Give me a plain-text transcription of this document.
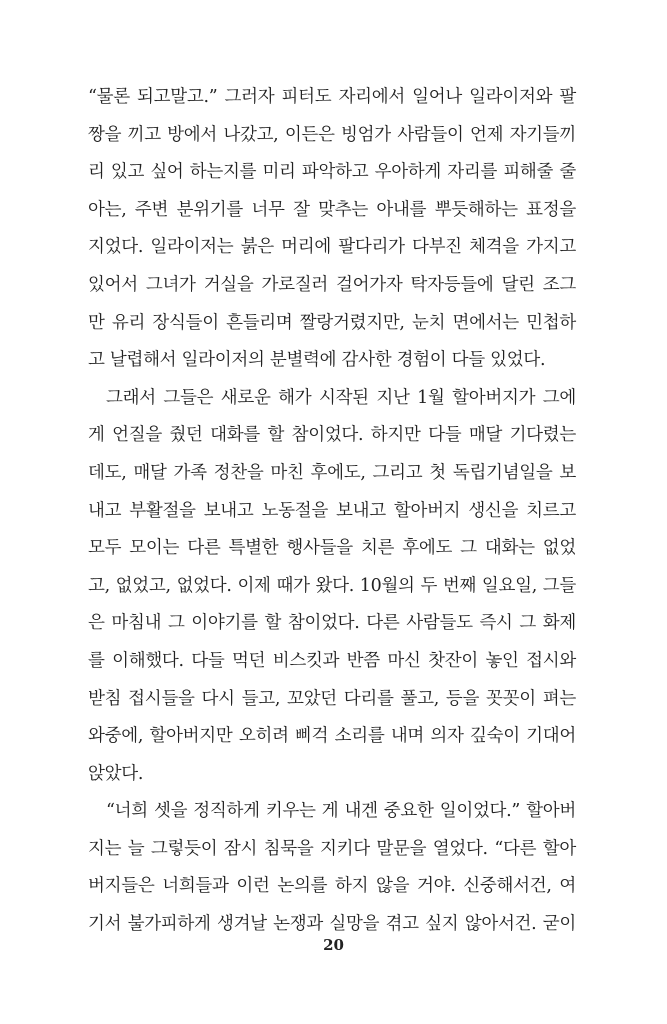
“물론 되고말고.” 그러자 피터도 자리에서 일어나 일라이저와 팔
짱을 끼고 방에서 나갔고, 이든은 빙엄가 사람들이 언제 자기들끼
리 있고 싶어 하는지를 미리 파악하고 우아하게 자리를 피해줄 줄
아는, 주변 분위기를 너무 잘 맞추는 아내를 뿌듯해하는 표정을
지었다. 일라이저는 붉은 머리에 팔다리가 다부진 체격을 가지고
있어서 그녀가 거실을 가로질러 걸어가자 탁자등들에 달린 조그
만 유리 장식들이 흔들리며 짤랑거렸지만, 눈치 면에서는 민첩하
고 날렵해서 일라이저의 분별력에 감사한 경험이 다들 있었다.
그래서 그들은 새로운 해가 시작된 지난 1월 할아버지가 그에
게 언질을 줬던 대화를 할 참이었다. 하지만 다들 매달 기다렸는
데도, 매달 가족 정찬을 마친 후에도, 그리고 첫 독립기념일을 보
내고 부활절을 보내고 노동절을 보내고 할아버지 생신을 치르고
모두 모이는 다른 특별한 행사들을 치른 후에도 그 대화는 없었
고, 없었고, 없었다. 이제 때가 왔다. 10월의 두 번째 일요일, 그들
은 마침내 그 이야기를 할 참이었다. 다른 사람들도 즉시 그 화제
를 이해했다. 다들 먹던 비스킷과 반쯤 마신 찻잔이 놓인 접시와
받침 접시들을 다시 들고, 꼬았던 다리를 풀고, 등을 꼿꼿이 펴는
와중에, 할아버지만 오히려 삐걱 소리를 내며 의자 깊숙이 기대어
앉았다.
“너희 셋을 정직하게 키우는 게 내겐 중요한 일이었다.” 할아버
지는 늘 그렇듯이 잠시 침묵을 지키다 말문을 열었다. “다른 할아
버지들은 너희들과 이런 논의를 하지 않을 거야. 신중해서건, 여
기서 불가피하게 생겨날 논쟁과 실망을 겪고 싶지 않아서건. 굳이
20
